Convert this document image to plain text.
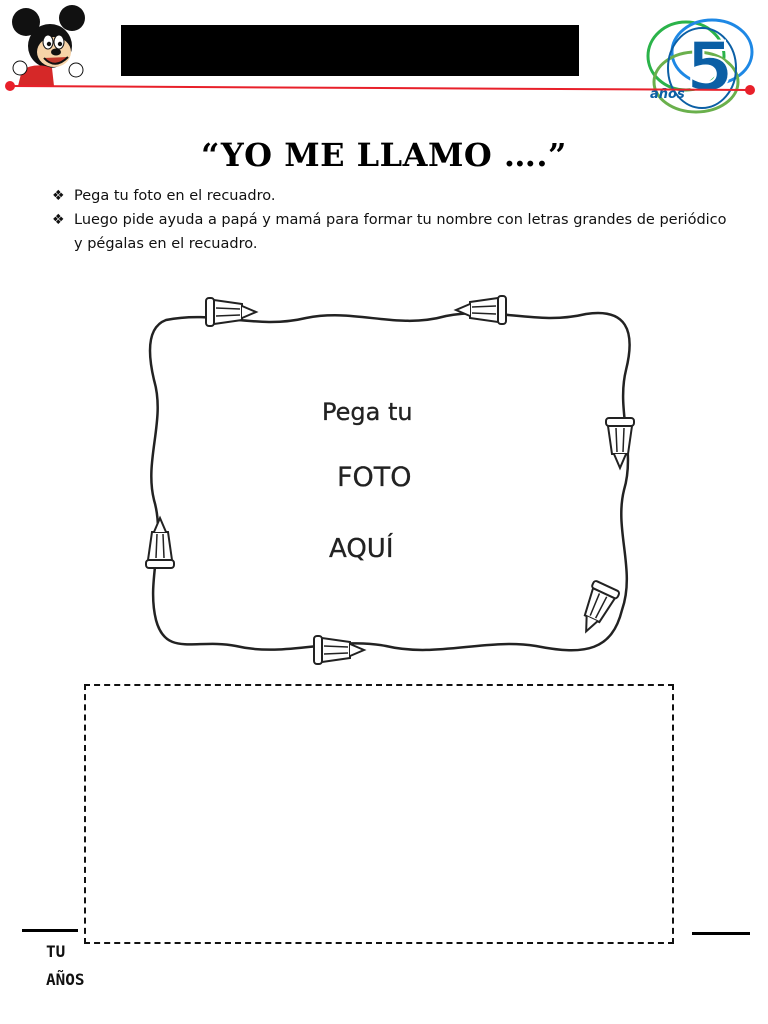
5
años
“YO ME LLAMO ….”
❖ Pega tu foto en el recuadro.
❖ Luego pide ayuda a papá y mamá para formar tu nombre con letras grandes de periódico y pégalas en el recuadro.
Pega tu
FOTO
AQUÍ
TU
AÑOS
